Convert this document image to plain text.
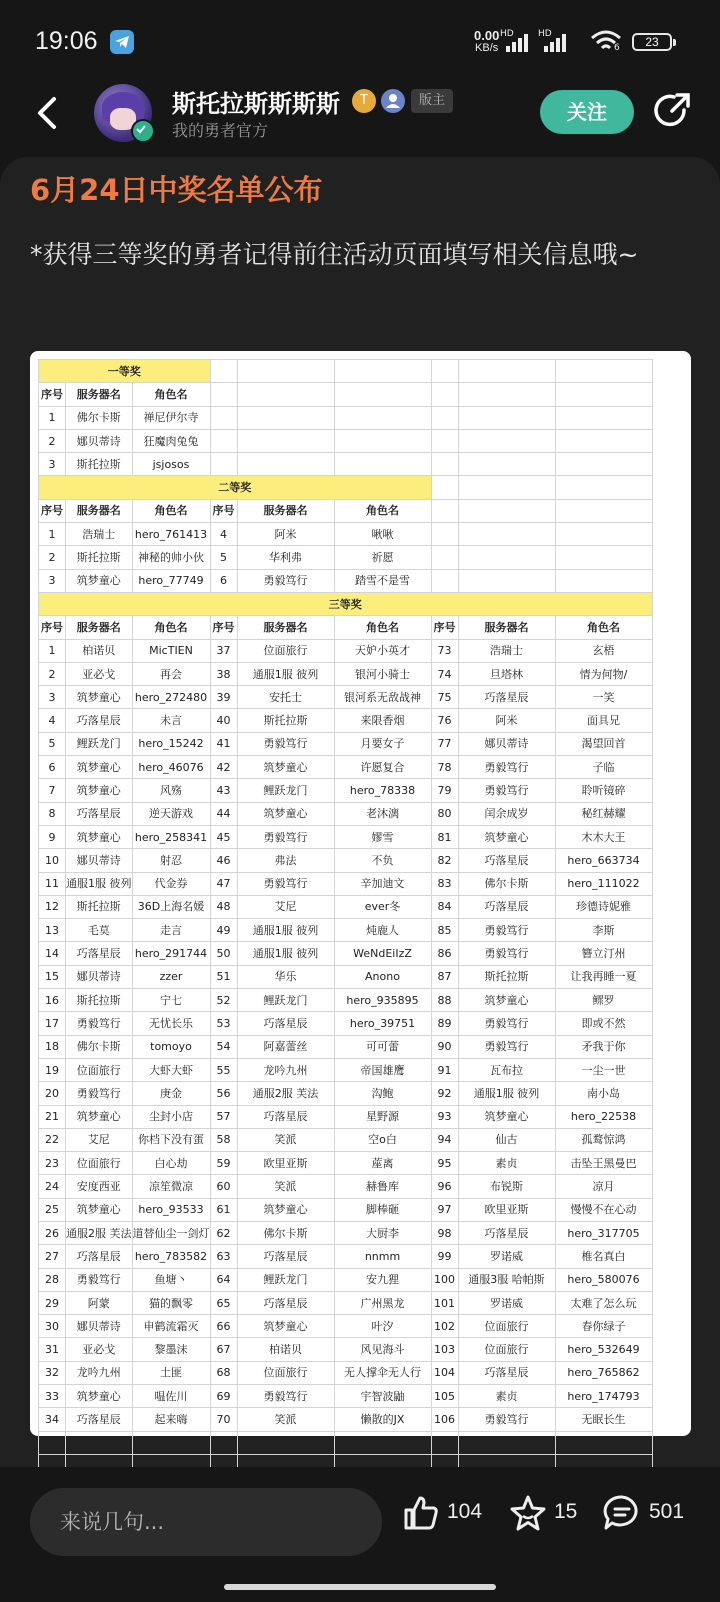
19:06	0.00
KB/s
HD	HD
6	23
斯托拉斯斯斯斯	T	版主
我的勇者官方
关注
6月24日中奖名单公布
*获得三等奖的勇者记得前往活动页面填写相关信息哦~
一等奖								
序号	服务器名	角色名						
1	佛尔卡斯	禅尼伊尔寺						
2	娜贝蒂诗	狂魔肉兔兔						
3	斯托拉斯	jsjosos						
二等奖								
序号	服务器名	角色名	序号	服务器名	角色名			
1	浩瑞士	hero_761413	4	阿米	啾啾			
2	斯托拉斯	神秘的帅小伙	5	华利弗	祈愿			
3	筑梦童心	hero_77749	6	勇毅笃行	踏雪不是雪			
三等奖								
序号	服务器名	角色名	序号	服务器名	角色名	序号	服务器名	角色名
1	柏诺贝	MicTIEN	37	位面旅行	天妒小英才	73	浩瑞士	玄梧
2	亚必戈	再会	38	通服1服 彼列	银河小骑士	74	旦塔林	情为何物/
3	筑梦童心	hero_272480	39	安托士	银河系无敌战神	75	巧落星辰	一笑
4	巧落星辰	未言	40	斯托拉斯	来限香烟	76	阿米	面具兄
5	鲤跃龙门	hero_15242	41	勇毅笃行	月要女子	77	娜贝蒂诗	渴望回首
6	筑梦童心	hero_46076	42	筑梦童心	许愿复合	78	勇毅笃行	子临
7	筑梦童心	风殇	43	鲤跃龙门	hero_78338	79	勇毅笃行	聆听镜碎
8	巧落星辰	逆天游戏	44	筑梦童心	老沐漓	80	闰余成岁	秘红赫耀
9	筑梦童心	hero_258341	45	勇毅笃行	嫪雪	81	筑梦童心	木木大王
10	娜贝蒂诗	射忍	46	弗法	不负	82	巧落星辰	hero_663734
11	通服1服 彼列	代金券	47	勇毅笃行	辛加迪文	83	佛尔卡斯	hero_111022
12	斯托拉斯	36D上海名媛	48	艾尼	ever冬	84	巧落星辰	珍德诗妮雅
13	毛莫	走言	49	通服1服 彼列	炖鹿人	85	勇毅笃行	李斯
14	巧落星辰	hero_291744	50	通服1服 彼列	WeNdEiIzZ	86	勇毅笃行	簪立汀州
15	娜贝蒂诗	zzer	51	华乐	Anono	87	斯托拉斯	让我再睡一夏
16	斯托拉斯	宁七	52	鲤跃龙门	hero_935895	88	筑梦童心	鳏罗
17	勇毅笃行	无忧长乐	53	巧落星辰	hero_39751	89	勇毅笃行	即或不然
18	佛尔卡斯	tomoyo	54	阿嘉蕾丝	可可蕾	90	勇毅笃行	矛我于你
19	位面旅行	大虾大虾	55	龙吟九州	帝国雄鹰	91	瓦布拉	一尘一世
20	勇毅笃行	庚金	56	通服2服 芙法	沟鲍	92	通服1服 彼列	南小岛
21	筑梦童心	尘封小店	57	巧落星辰	星野源	93	筑梦童心	hero_22538
22	艾尼	你档下没有蛋	58	笑派	空o白	94	仙古	孤鹜惊鸿
23	位面旅行	白心劫	59	欧里亚斯	蓙离	95	素贞	击坠王黑曼巴
24	安度西亚	凉笙微凉	60	笑派	赫鲁库	96	布锐斯	凉月
25	筑梦童心	hero_93533	61	筑梦童心	脚棒砸	97	欧里亚斯	慢慢不在心动
26	通服2服 芙法	道替仙尘一剑灯	62	佛尔卡斯	大厨李	98	巧落星辰	hero_317705
27	巧落星辰	hero_783582	63	巧落星辰	nnmm	99	罗诺威	椎名真白
28	勇毅笃行	鱼塘丶	64	鲤跃龙门	安九狸	100	通服3服 哈帕斯	hero_580076
29	阿蒙	猫的飘零	65	巧落星辰	广州黑龙	101	罗诺威	太难了怎么玩
30	娜贝蒂诗	申鹤流霜灭	66	筑梦童心	叶汐	102	位面旅行	春你绿子
31	亚必戈	黎墨沫	67	柏诺贝	风见海斗	103	位面旅行	hero_532649
32	龙吟九州	土匪	68	位面旅行	无人撑伞无人行	104	巧落星辰	hero_765862
33	筑梦童心	嗢佐川	69	勇毅笃行	宇智波鼬	105	素贞	hero_174793
34	巧落星辰	起来嗨	70	笑派	懒散的JX	106	勇毅笃行	无眠长生
35	勇毅笃行	陈沫	71	素贞	魔君爱无悔	107	素贞	焚尽

来说几句...	104	15	501
